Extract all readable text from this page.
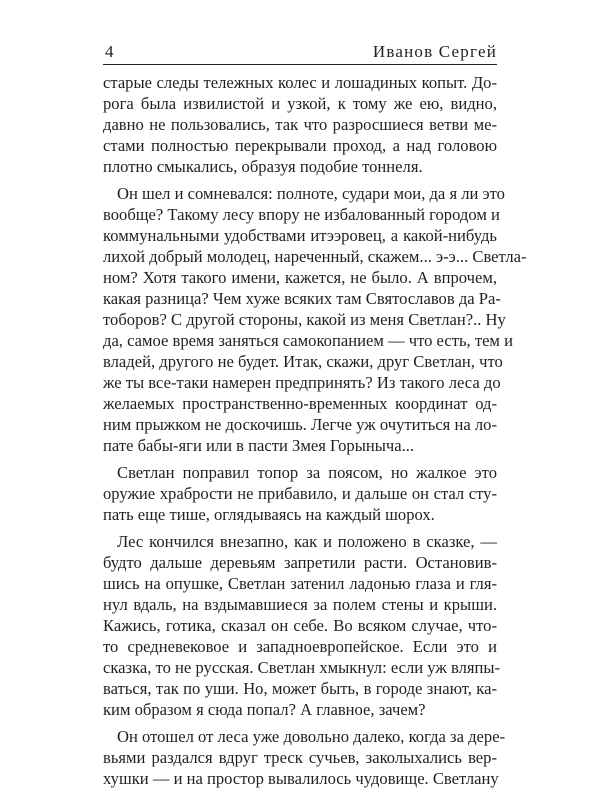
4	Иванов Сергей
старые следы тележных колес и лошадиных копыт. До-
рога была извилистой и узкой, к тому же ею, видно,
давно не пользовались, так что разросшиеся ветви ме-
стами полностью перекрывали проход, а над головою
плотно смыкались, образуя подобие тоннеля.
Он шел и сомневался: полноте, судари мои, да я ли это
вообще? Такому лесу впору не избалованный городом и
коммунальными удобствами итээровец, а какой-нибудь
лихой добрый молодец, нареченный, скажем... э-э... Светла-
ном? Хотя такого имени, кажется, не было. А впрочем,
какая разница? Чем хуже всяких там Святославов да Ра-
тоборов? С другой стороны, какой из меня Светлан?.. Ну
да, самое время заняться самокопанием — что есть, тем и
владей, другого не будет. Итак, скажи, друг Светлан, что
же ты все-таки намерен предпринять? Из такого леса до
желаемых пространственно-временных координат од-
ним прыжком не доскочишь. Легче уж очутиться на ло-
пате бабы-яги или в пасти Змея Горыныча...
Светлан поправил топор за поясом, но жалкое это
оружие храбрости не прибавило, и дальше он стал сту-
пать еще тише, оглядываясь на каждый шорох.
Лес кончился внезапно, как и положено в сказке, —
будто дальше деревьям запретили расти. Остановив-
шись на опушке, Светлан затенил ладонью глаза и гля-
нул вдаль, на вздымавшиеся за полем стены и крыши.
Кажись, готика, сказал он себе. Во всяком случае, что-
то средневековое и западноевропейское. Если это и
сказка, то не русская. Светлан хмыкнул: если уж вляпы-
ваться, так по уши. Но, может быть, в городе знают, ка-
ким образом я сюда попал? А главное, зачем?
Он отошел от леса уже довольно далеко, когда за дере-
вьями раздался вдруг треск сучьев, заколыхались вер-
хушки — и на простор вывалилось чудовище. Светлану
